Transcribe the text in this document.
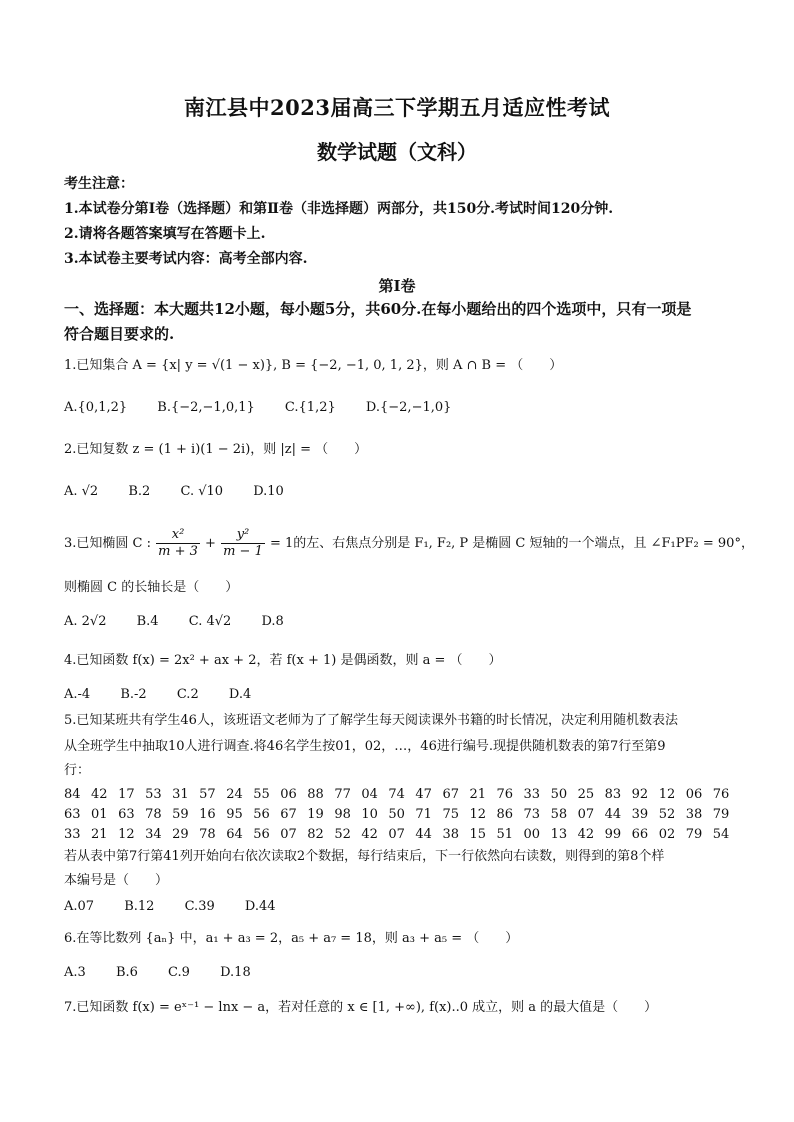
南江县中2023届高三下学期五月适应性考试
数学试题（文科）
考生注意：
1.本试卷分第Ⅰ卷（选择题）和第Ⅱ卷（非选择题）两部分，共150分.考试时间120分钟.
2.请将各题答案填写在答题卡上.
3.本试卷主要考试内容：高考全部内容.
第Ⅰ卷
一、选择题：本大题共12小题，每小题5分，共60分.在每小题给出的四个选项中，只有一项是
符合题目要求的.
1.已知集合 A = {x| y = √(1 − x)}, B = {−2, −1, 0, 1, 2}，则 A ∩ B = （　　）
A.{0,1,2} B.{−2,−1,0,1} C.{1,2} D.{−2,−1,0}
2.已知复数 z = (1 + i)(1 − 2i)，则 |z| = （　　）
A. √2 B.2 C. √10 D.10
3.已知椭圆 C : $\frac{\text{x²}}{m + 3} + \frac{\text{y²}}{m - 1} = 1$的左、右焦点分别是 F₁, F₂, P 是椭圆 C 短轴的一个端点，且 ∠F₁PF₂ = 90°，
则椭圆 C 的长轴长是（　　）
A. 2√2 B.4 C. 4√2 D.8
4.已知函数 f(x) = 2x² + ax + 2，若 f(x + 1) 是偶函数，则 a = （　　）
A.-4 B.-2 C.2 D.4
5.已知某班共有学生46人，该班语文老师为了了解学生每天阅读课外书籍的时长情况，决定利用随机数表法
从全班学生中抽取10人进行调查.将46名学生按01，02，…，46进行编号.现提供随机数表的第7行至第9
行：
84 42 17 53 31 57 24 55 06 88 77 04 74 47 67 21 76 33 50 25 83 92 12 06 76
63 01 63 78 59 16 95 56 67 19 98 10 50 71 75 12 86 73 58 07 44 39 52 38 79
33 21 12 34 29 78 64 56 07 82 52 42 07 44 38 15 51 00 13 42 99 66 02 79 54
若从表中第7行第41列开始向右依次读取2个数据，每行结束后，下一行依然向右读数，则得到的第8个样
本编号是（　　）
A.07 B.12 C.39 D.44
6.在等比数列 {aₙ} 中，a₁ + a₃ = 2，a₅ + a₇ = 18，则 a₃ + a₅ = （　　）
A.3 B.6 C.9 D.18
7.已知函数 f(x) = eˣ⁻¹ − lnx − a，若对任意的 x ∈ [1, +∞), f(x)..0 成立，则 a 的最大值是（　　）
